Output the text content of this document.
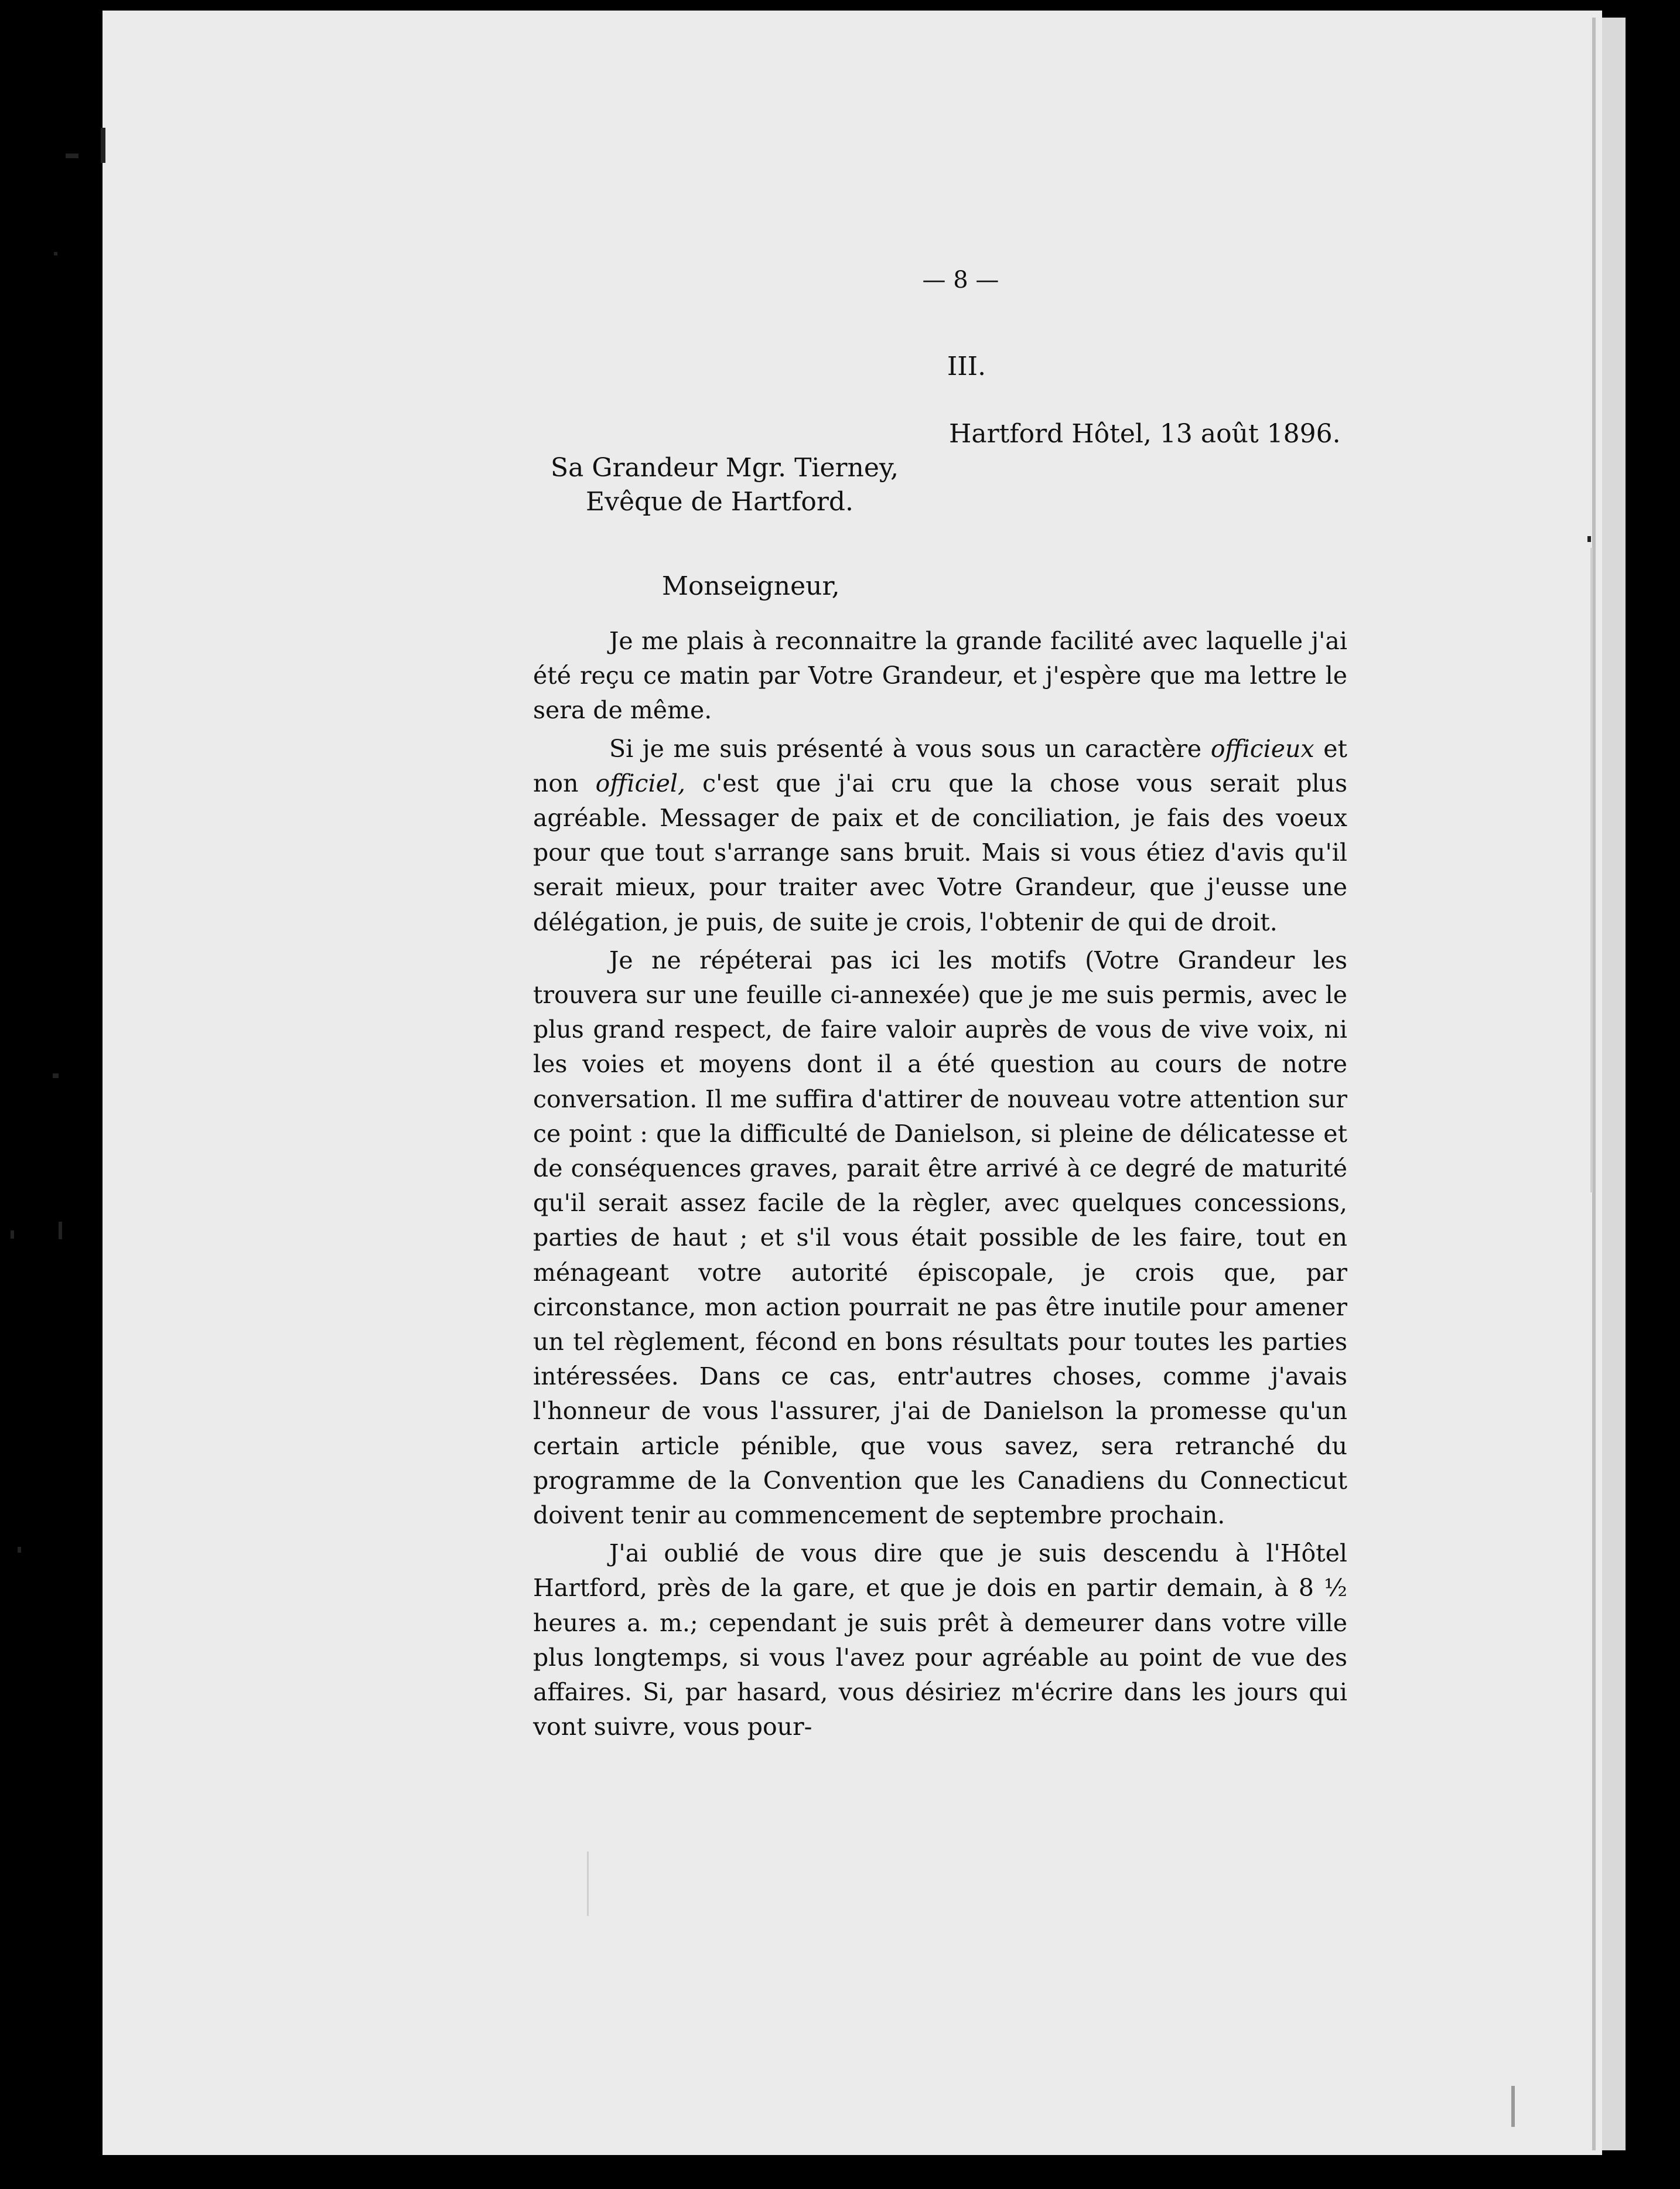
— 8 —
III.
Hartford Hôtel, 13 août 1896.
Sa Grandeur Mgr. Tierney,
Evêque de Hartford.
Monseigneur,

Je me plais à reconnaitre la grande facilité avec laquelle j'ai été reçu ce matin par Votre Grandeur, et j'espère que ma lettre le sera de même.

Si je me suis présenté à vous sous un caractère officieux et non officiel, c'est que j'ai cru que la chose vous serait plus agréable. Messager de paix et de conciliation, je fais des voeux pour que tout s'arrange sans bruit. Mais si vous étiez d'avis qu'il serait mieux, pour traiter avec Votre Grandeur, que j'eusse une délégation, je puis, de suite je crois, l'obtenir de qui de droit.

Je ne répéterai pas ici les motifs (Votre Grandeur les trouvera sur une feuille ci-annexée) que je me suis permis, avec le plus grand respect, de faire valoir auprès de vous de vive voix, ni les voies et moyens dont il a été question au cours de notre conversation. Il me suffira d'attirer de nouveau votre attention sur ce point : que la difficulté de Danielson, si pleine de délicatesse et de conséquences graves, parait être arrivé à ce degré de maturité qu'il serait assez facile de la règler, avec quelques concessions, parties de haut ; et s'il vous était possible de les faire, tout en ménageant votre autorité épiscopale, je crois que, par circonstance, mon action pourrait ne pas être inutile pour amener un tel règlement, fécond en bons résultats pour toutes les parties intéressées. Dans ce cas, entr'autres choses, comme j'avais l'honneur de vous l'assurer, j'ai de Danielson la promesse qu'un certain article pénible, que vous savez, sera retranché du programme de la Convention que les Canadiens du Connecticut doivent tenir au commencement de septembre prochain.

J'ai oublié de vous dire que je suis descendu à l'Hôtel Hartford, près de la gare, et que je dois en partir demain, à 8 ½ heures a. m.; cependant je suis prêt à demeurer dans votre ville plus longtemps, si vous l'avez pour agréable au point de vue des affaires. Si, par hasard, vous désiriez m'écrire dans les jours qui vont suivre, vous pour-
